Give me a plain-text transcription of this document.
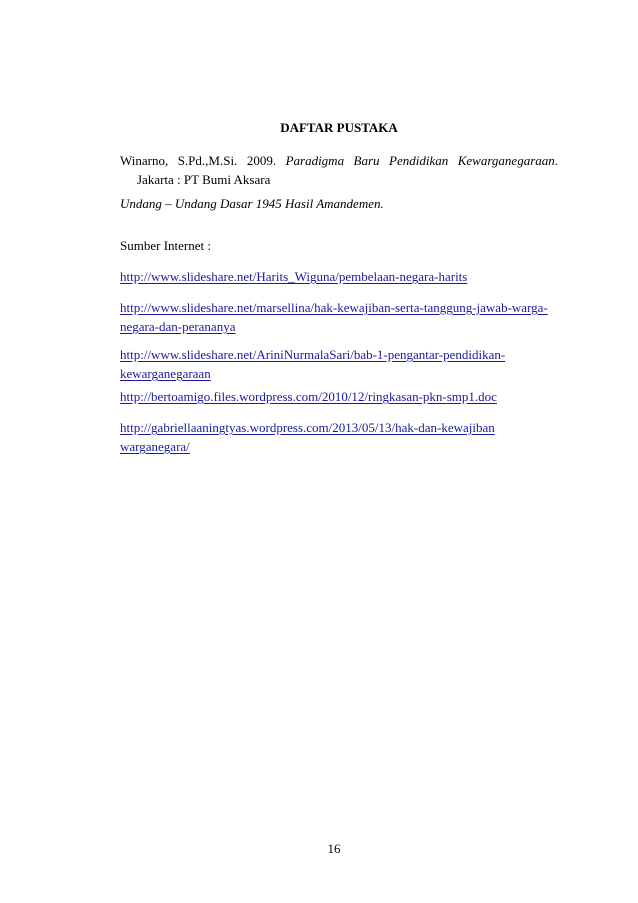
DAFTAR PUSTAKA
Winarno, S.Pd.,M.Si. 2009. Paradigma Baru Pendidikan Kewarganegaraan.
Jakarta : PT Bumi Aksara
Undang – Undang Dasar 1945 Hasil Amandemen.
Sumber Internet :
http://www.slideshare.net/Harits_Wiguna/pembelaan-negara-harits
http://www.slideshare.net/marsellina/hak-kewajiban-serta-tanggung-jawab-warga-
negara-dan-perananya
http://www.slideshare.net/AriniNurmalaSari/bab-1-pengantar-pendidikan-
kewarganegaraan
http://bertoamigo.files.wordpress.com/2010/12/ringkasan-pkn-smp1.doc
http://gabriellaaningtyas.wordpress.com/2013/05/13/hak-dan-kewajiban
warganegara/
16
